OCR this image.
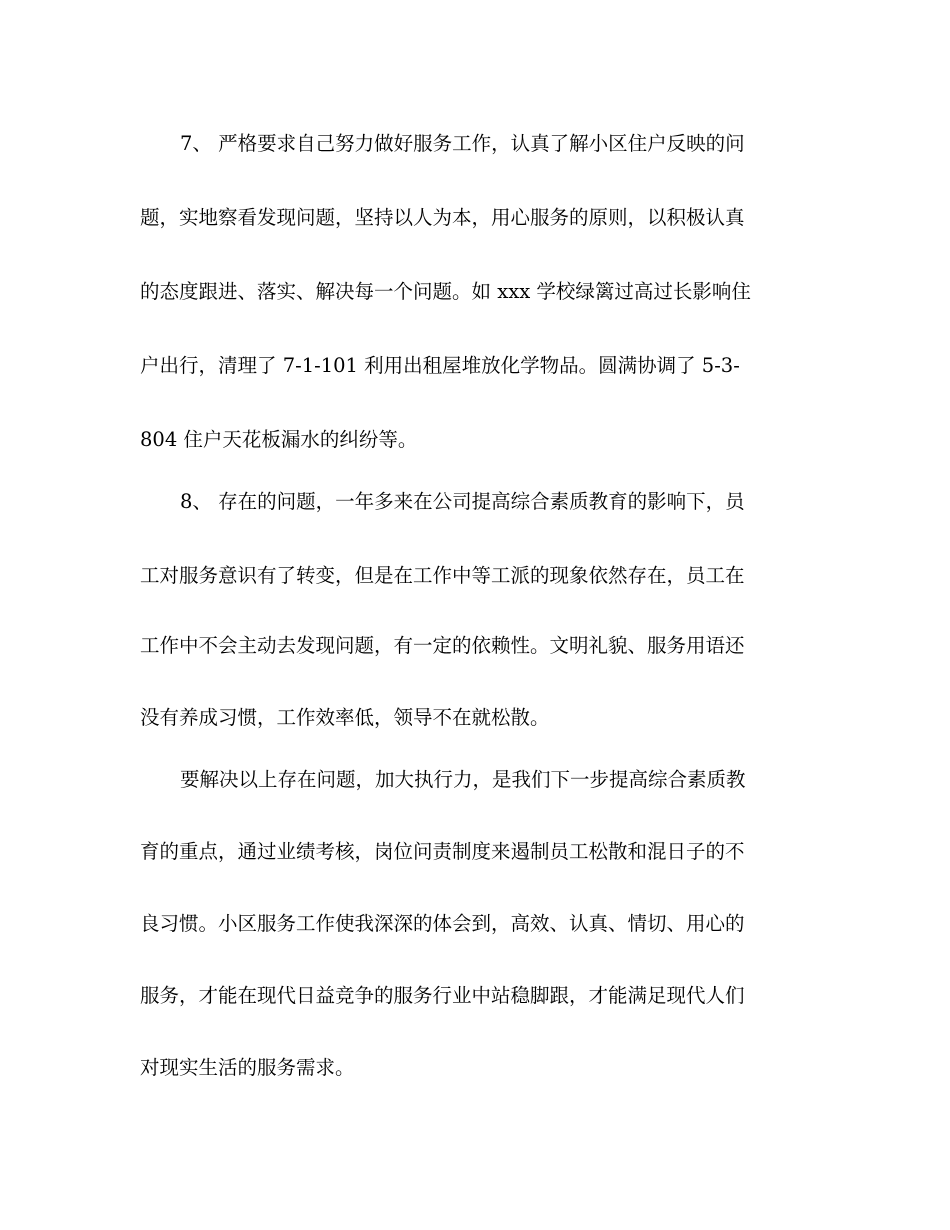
7、 严格要求自己努力做好服务工作，认真了解小区住户反映的问

题，实地察看发现问题，坚持以人为本，用心服务的原则，以积极认真

的态度跟进、落实、解决每一个问题。如 xxx 学校绿篱过高过长影响住

户出行，清理了 7-1-101 利用出租屋堆放化学物品。圆满协调了 5-3-

804 住户天花板漏水的纠纷等。

8、 存在的问题，一年多来在公司提高综合素质教育的影响下，员

工对服务意识有了转变，但是在工作中等工派的现象依然存在，员工在

工作中不会主动去发现问题，有一定的依赖性。文明礼貌、服务用语还

没有养成习惯，工作效率低，领导不在就松散。

要解决以上存在问题，加大执行力，是我们下一步提高综合素质教

育的重点，通过业绩考核，岗位问责制度来遏制员工松散和混日子的不

良习惯。小区服务工作使我深深的体会到，高效、认真、情切、用心的

服务，才能在现代日益竞争的服务行业中站稳脚跟，才能满足现代人们

对现实生活的服务需求。
